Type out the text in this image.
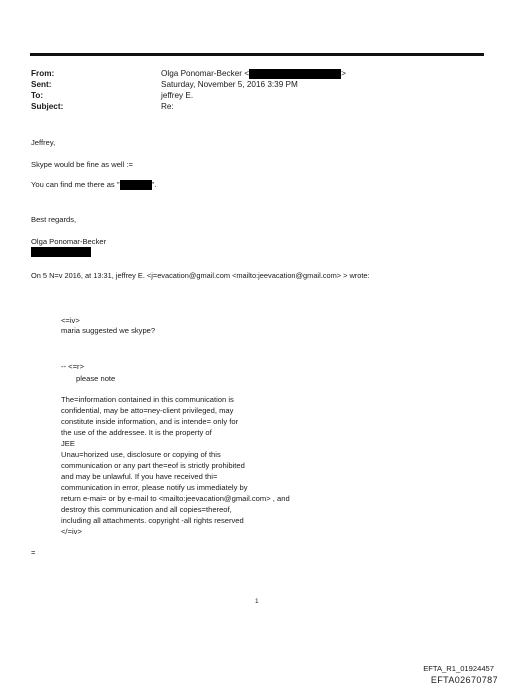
From:	Olga Ponomar-Becker <	>
Sent:	Saturday, November 5, 2016 3:39 PM
To:	jeffrey E.
Subject:	Re:
Jeffrey,
Skype would be fine as well :=
You can find me there as "	".
Best regards,
Olga Ponomar-Becker
On 5 N=v 2016, at 13:31, jeffrey E. <j=evacation@gmail.com <mailto:jeevacation@gmail.com> > wrote:
<=iv>
maria suggested we skype?
-- <=r>
please note
The=information contained in this communication is
confidential, may be atto=ney-client privileged, may
constitute inside information, and is intende= only for
the use of the addressee. It is the property of
JEE
Unau=horized use, disclosure or copying of this
communication or any part the=eof is strictly prohibited
and may be unlawful. If you have received thi=
communication in error, please notify us immediately by
return e-mai= or by e-mail to <mailto:jeevacation@gmail.com> , and
destroy this communication and all copies=thereof,
including all attachments. copyright -all rights reserved
</=iv>
=
1
EFTA_R1_01924457
EFTA02670787
